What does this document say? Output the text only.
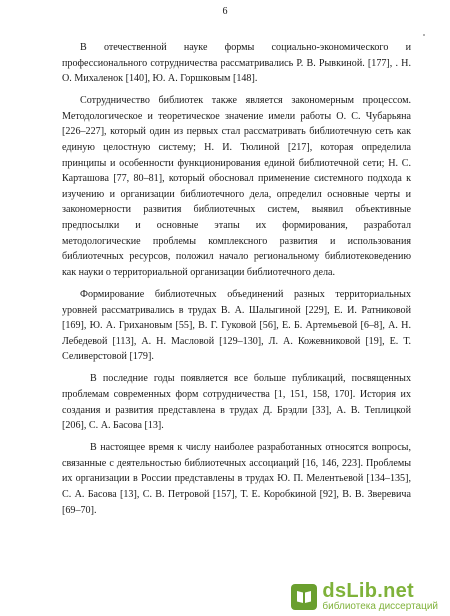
6

В отечественной науке формы социально-экономического и профессионального сотрудничества рассматривались Р. В. Рывкиной. [177], . Н. О. Михаленок [140], Ю. А. Горшковым [148].

Сотрудничество библиотек также является закономерным процессом. Методологическое и теоретическое значение имели работы О. С. Чубарьяна [226–227], который один из первых стал рассматривать библиотечную сеть как единую целостную систему; Н. И. Тюлиной [217], которая определила принципы и особенности функционирования единой библиотечной сети; Н. С. Карташова [77, 80–81], который обосновал применение системного подхода к изучению и организации библиотечного дела, определил основные черты и закономерности развития библиотечных систем, выявил объективные предпосылки и основные этапы их формирования, разработал методологические проблемы комплексного развития и использования библиотечных ресурсов, положил начало региональному библиотековедению как науки о территориальной организации библиотечного дела.

Формирование библиотечных объединений разных территориальных уровней рассматривались в трудах В. А. Шалыгиной [229], Е. И. Ратниковой [169], Ю. А. Грихановым [55], В. Г. Гуковой [56], Е. Б. Артемьевой [6–8], А. Н. Лебедевой [113], А. Н. Масловой [129–130], Л. А. Кожевниковой [19], Е. Т. Селиверстовой [179].

В последние годы появляется все больше публикаций, посвященных проблемам современных форм сотрудничества [1, 151, 158, 170]. История их создания и развития представлена в трудах Д. Брэдли [33], А. В. Теплицкой [206], С. А. Басова [13].

В настоящее время к числу наиболее разработанных относятся вопросы, связанные с деятельностью библиотечных ассоциаций [16, 146, 223]. Проблемы их организации в России представлены в трудах Ю. П. Мелентьевой [134–135], С. А. Басова [13], С. В. Петровой [157], Т. Е. Коробкиной [92], В. В. Зверевича [69–70].

dsLib.net
библиотека диссертаций
